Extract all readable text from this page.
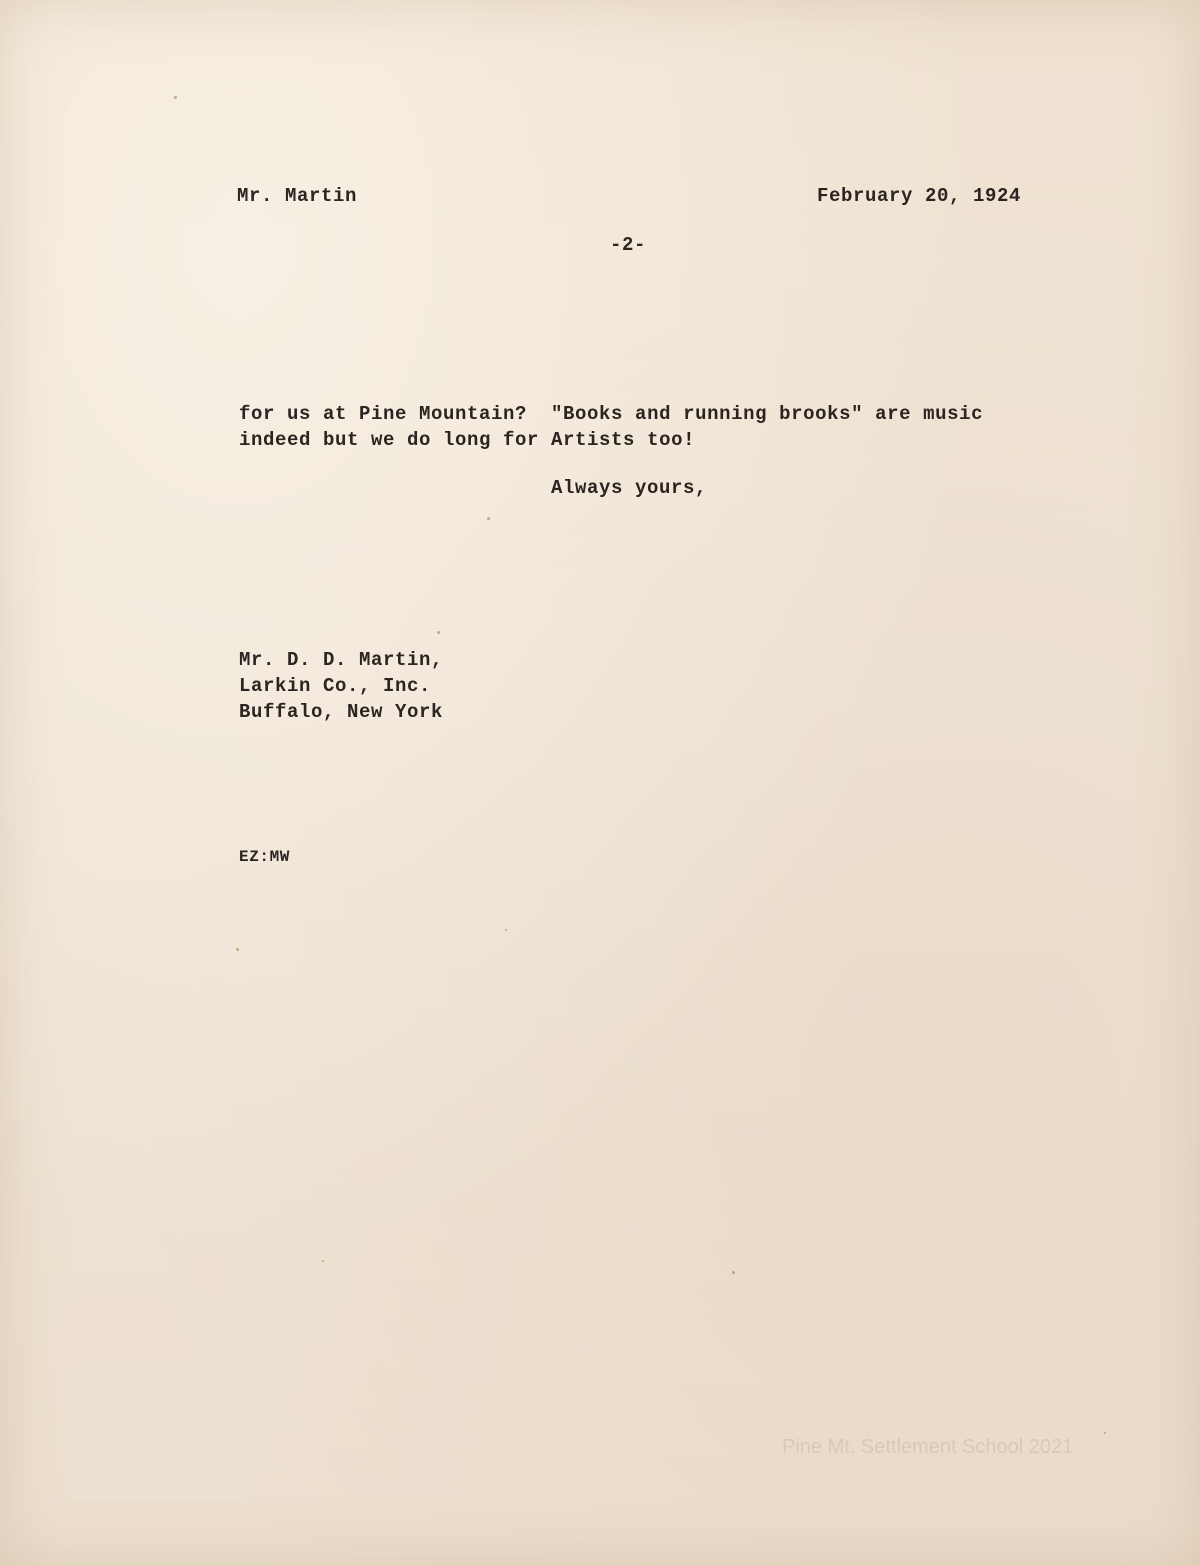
Mr. Martin	February 20, 1924
-2-
for us at Pine Mountain?  "Books and running brooks" are music
indeed but we do long for Artists too!
Always yours,
Mr. D. D. Martin,
Larkin Co., Inc.
Buffalo, New York
EZ:MW
Pine Mt. Settlement School 2021
